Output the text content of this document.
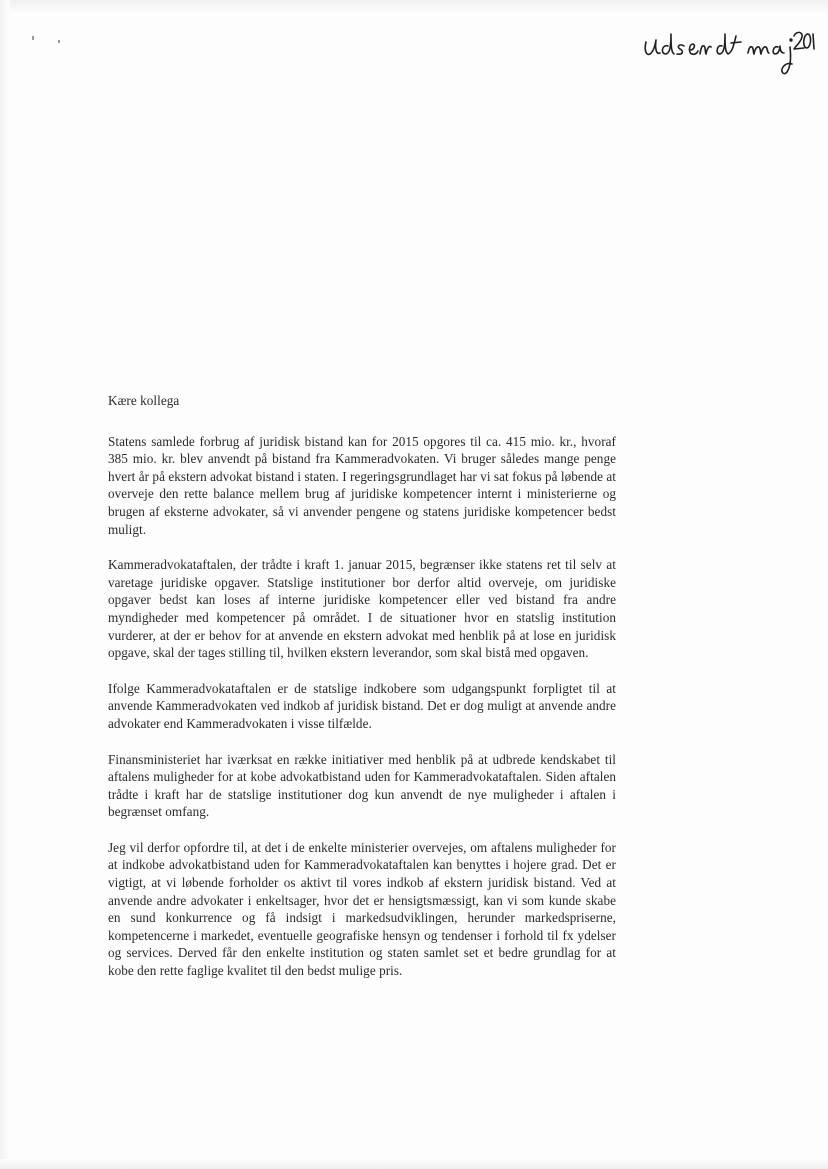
Kære kollega

Statens samlede forbrug af juridisk bistand kan for 2015 opgores til ca. 415 mio. kr., hvoraf 385 mio. kr. blev anvendt på bistand fra Kammeradvokaten. Vi bruger således mange penge hvert år på ekstern advokat bistand i staten. I regeringsgrundlaget har vi sat fokus på løbende at overveje den rette balance mellem brug af juridiske kompetencer internt i ministerierne og brugen af eksterne advokater, så vi anvender pengene og statens juridiske kompetencer bedst muligt.

Kammeradvokataftalen, der trådte i kraft 1. januar 2015, begrænser ikke statens ret til selv at varetage juridiske opgaver. Statslige institutioner bor derfor altid overveje, om juridiske opgaver bedst kan loses af interne juridiske kompetencer eller ved bistand fra andre myndigheder med kompetencer på området. I de situationer hvor en statslig institution vurderer, at der er behov for at anvende en ekstern advokat med henblik på at lose en juridisk opgave, skal der tages stilling til, hvilken ekstern leverandor, som skal bistå med opgaven.

Ifolge Kammeradvokataftalen er de statslige indkobere som udgangspunkt forpligtet til at anvende Kammeradvokaten ved indkob af juridisk bistand. Det er dog muligt at anvende andre advokater end Kammeradvokaten i visse tilfælde.

Finansministeriet har iværksat en række initiativer med henblik på at udbrede kendskabet til aftalens muligheder for at kobe advokatbistand uden for Kammeradvokataftalen. Siden aftalen trådte i kraft har de statslige institutioner dog kun anvendt de nye muligheder i aftalen i begrænset omfang.

Jeg vil derfor opfordre til, at det i de enkelte ministerier overvejes, om aftalens muligheder for at indkobe advokatbistand uden for Kammeradvokataftalen kan benyttes i hojere grad. Det er vigtigt, at vi løbende forholder os aktivt til vores indkob af ekstern juridisk bistand. Ved at anvende andre advokater i enkeltsager, hvor det er hensigtsmæssigt, kan vi som kunde skabe en sund konkurrence og få indsigt i markedsudviklingen, herunder markedspriserne, kompetencerne i markedet, eventuelle geografiske hensyn og tendenser i forhold til fx ydelser og services. Derved får den enkelte institution og staten samlet set et bedre grundlag for at kobe den rette faglige kvalitet til den bedst mulige pris.
